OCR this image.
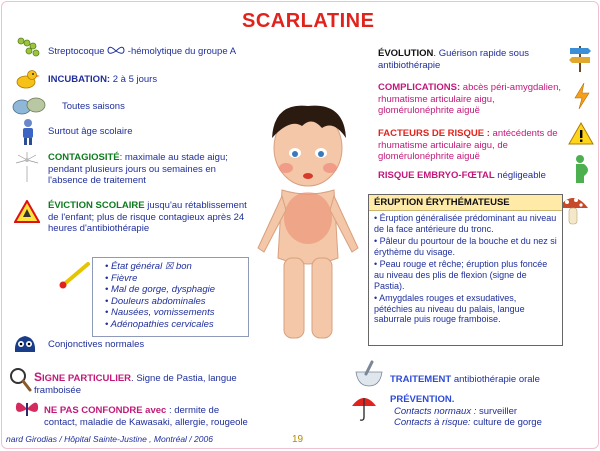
SCARLATINE
Streptocoque -hémolytique du groupe A
INCUBATION: 2 à 5 jours
Toutes saisons
Surtout âge scolaire
CONTAGIOSITÉ: maximale au stade aigu; pendant plusieurs jours ou semaines en l'absence de traitement
ÉVICTION SCOLAIRE jusqu'au rétablissement de l'enfant; plus de risque contagieux après 24 heures d'antibiothérapie
• État général ☒ bon
• Fièvre
• Mal de gorge, dysphagie
• Douleurs abdominales
• Nausées, vomissements
• Adénopathies cervicales
Conjonctives normales
SIGNE PARTICULIER. Signe de Pastia, langue framboisée
NE PAS CONFONDRE avec : dermite de contact, maladie de Kawasaki, allergie, rougeole
ÉVOLUTION. Guérison rapide sous antibiothérapie
COMPLICATIONS: abcès péri-amygdalien, rhumatisme articulaire aigu, glomérulonéphrite aiguë
FACTEURS DE RISQUE : antécédents de rhumatisme articulaire aigu, de glomérulonéphrite aiguë
RISQUE EMBRYO-FŒTAL négligeable
ÉRUPTION ÉRYTHÉMATEUSE

• Éruption généralisée prédominant au niveau de la face antérieure du tronc.

• Pâleur du pourtour de la bouche et du nez si érythème du visage.

• Peau rouge et rêche; éruption plus foncée au niveau des plis de flexion (signe de Pastia).

• Amygdales rouges et exsudatives, pétéchies au niveau du palais, langue saburrale puis rouge framboise.

TRAITEMENT antibiothérapie orale
PRÉVENTION.
Contacts normaux : surveiller
Contacts à risque: culture de gorge
nard Girodias / Hôpital Sainte-Justine , Montréal / 2006	19
